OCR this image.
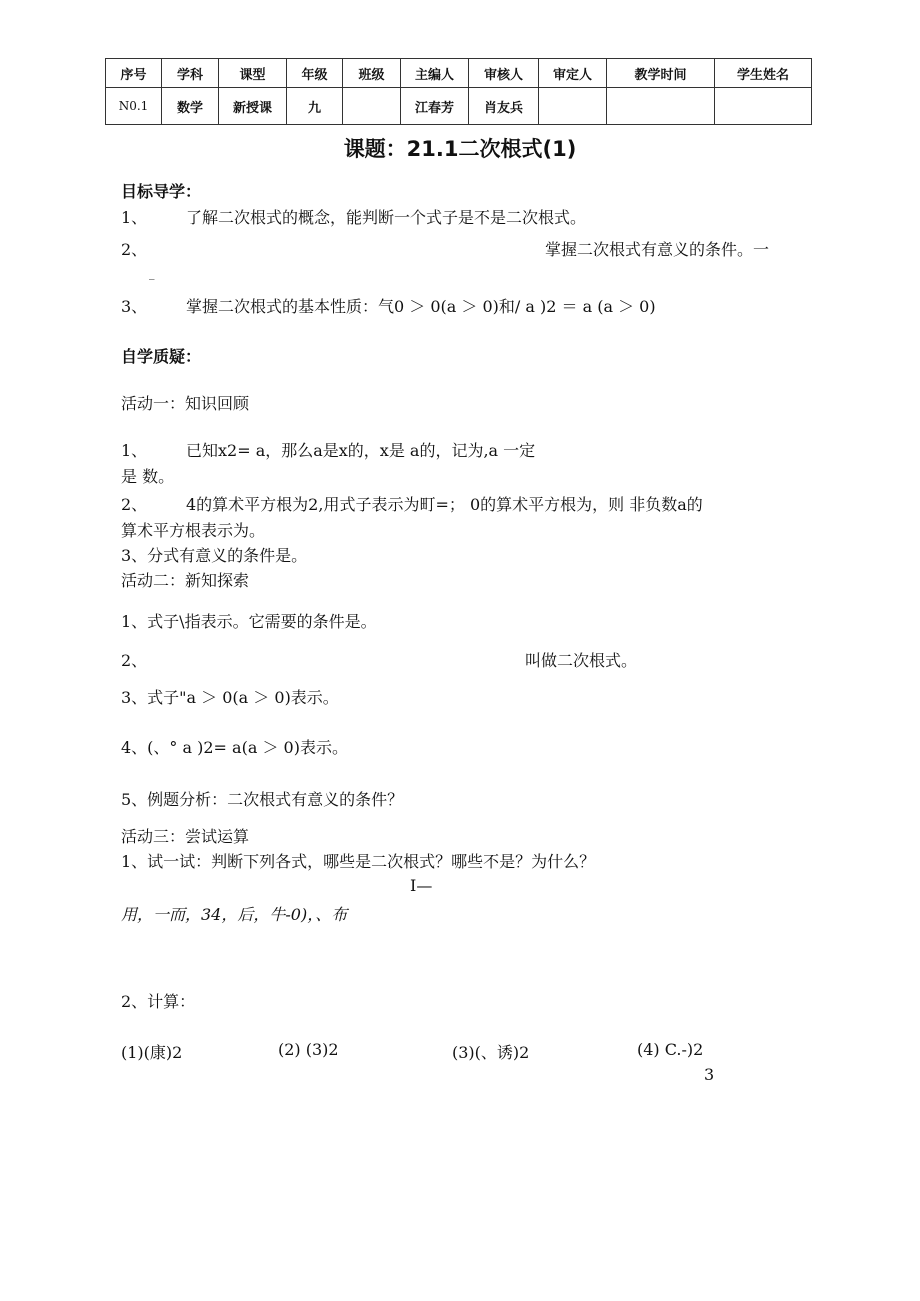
序号	学科	课型	年级	班级	主编人	审核人	审定人	教学时间	学生姓名
N0.1	数学	新授课	九		江春芳	肖友兵			
课题：21.1二次根式(1)
目标导学：
1、 了解二次根式的概念，能判断一个式子是不是二次根式。
2、	掌握二次根式有意义的条件。一
_
3、 掌握二次根式的基本性质：气0 ＞ 0(a ＞ 0)和/ a )2 ＝ a (a ＞ 0)
自学质疑：
活动一：知识回顾
1、 已知x2= a，那么a是x的，x是 a的，记为,a 一定
是 数。
2、 4的算术平方根为2,用式子表示为町=； 0的算术平方根为，则 非负数a的
算术平方根表示为。
3、分式有意义的条件是。
活动二：新知探索
1、式子\指表示。它需要的条件是。
2、	叫做二次根式。
3、式子"a ＞ 0(a ＞ 0)表示。
4、(、° a )2= a(a ＞ 0)表示。
5、例题分析：二次根式有意义的条件？
活动三：尝试运算
1、试一试：判断下列各式，哪些是二次根式？哪些不是？为什么？
I—
用，一而，34，后，牛-0)，、布
2、计算：
(1)(康)2	(2) (3)2	(3)(、诱)2	(4) C.-)2
3
